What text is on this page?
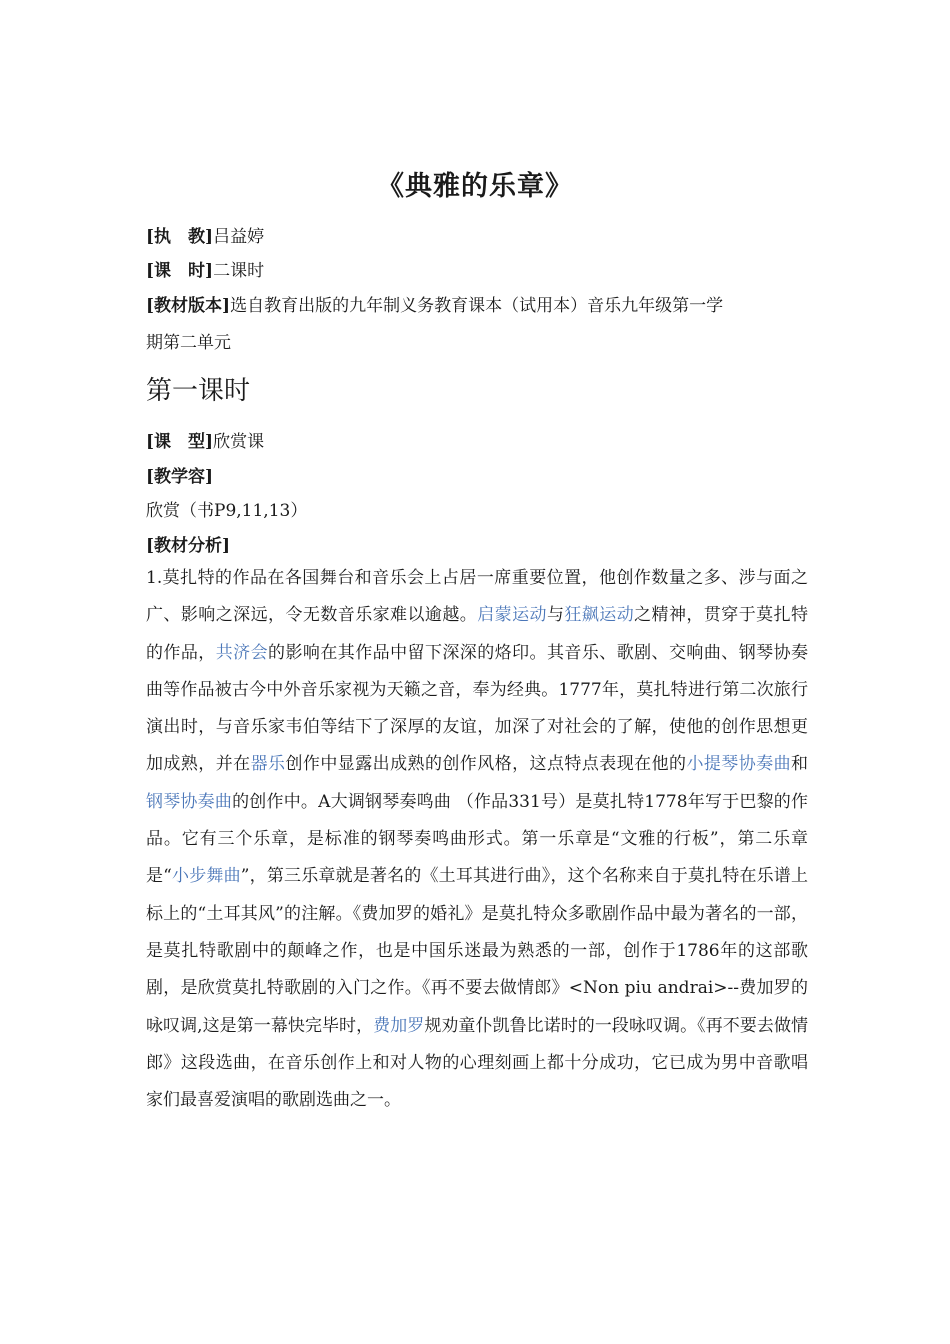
《典雅的乐章》
[执　教]吕益婷
[课　时]二课时
[教材版本]选自教育出版的九年制义务教育课本（试用本）音乐九年级第一学
期第二单元
第一课时
[课　型]欣赏课
[教学容]
欣赏（书P9,11,13）
[教材分析]
1.莫扎特的作品在各国舞台和音乐会上占居一席重要位置，他创作数量之多、涉与面之广、影响之深远，令无数音乐家难以逾越。启蒙运动与狂飙运动之精神，贯穿于莫扎特的作品，共济会的影响在其作品中留下深深的烙印。其音乐、歌剧、交响曲、钢琴协奏曲等作品被古今中外音乐家视为天籁之音，奉为经典。1777年，莫扎特进行第二次旅行演出时，与音乐家韦伯等结下了深厚的友谊，加深了对社会的了解，使他的创作思想更加成熟，并在器乐创作中显露出成熟的创作风格，这点特点表现在他的小提琴协奏曲和钢琴协奏曲的创作中。A大调钢琴奏鸣曲 （作品331号）是莫扎特1778年写于巴黎的作品。它有三个乐章，是标准的钢琴奏鸣曲形式。第一乐章是“文雅的行板”，第二乐章是“小步舞曲”，第三乐章就是著名的《土耳其进行曲》，这个名称来自于莫扎特在乐谱上标上的“土耳其风”的注解。《费加罗的婚礼》是莫扎特众多歌剧作品中最为著名的一部，是莫扎特歌剧中的颠峰之作，也是中国乐迷最为熟悉的一部，创作于1786年的这部歌剧，是欣赏莫扎特歌剧的入门之作。《再不要去做情郎》<Non piu andrai>--费加罗的咏叹调,这是第一幕快完毕时，费加罗规劝童仆凯鲁比诺时的一段咏叹调。《再不要去做情郎》这段选曲，在音乐创作上和对人物的心理刻画上都十分成功，它已成为男中音歌唱家们最喜爱演唱的歌剧选曲之一。
